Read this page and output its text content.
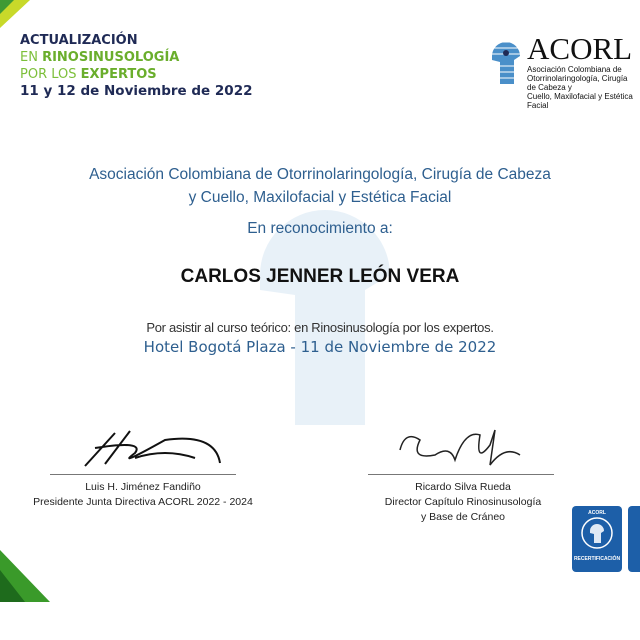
ACTUALIZACIÓN
EN RINOSINUSOLOGÍA
POR LOS EXPERTOS
11 y 12 de Noviembre de 2022
ACORL
Asociación Colombiana de
Otorrinolaringología, Cirugía de Cabeza y
Cuello, Maxilofacial y Estética Facial
Asociación Colombiana de Otorrinolaringología, Cirugía de Cabeza
y Cuello, Maxilofacial y Estética Facial
En reconocimiento a:
CARLOS JENNER LEÓN VERA
Por asistir al curso teórico: en Rinosinusología por los expertos.
Hotel Bogotá Plaza - 11 de Noviembre de 2022
Luis H. Jiménez Fandiño
Presidente Junta Directiva ACORL 2022 - 2024
Ricardo Silva Rueda
Director Capítulo Rinosinusología
y Base de Cráneo	ACORL
RECERTIFICACIÓN
